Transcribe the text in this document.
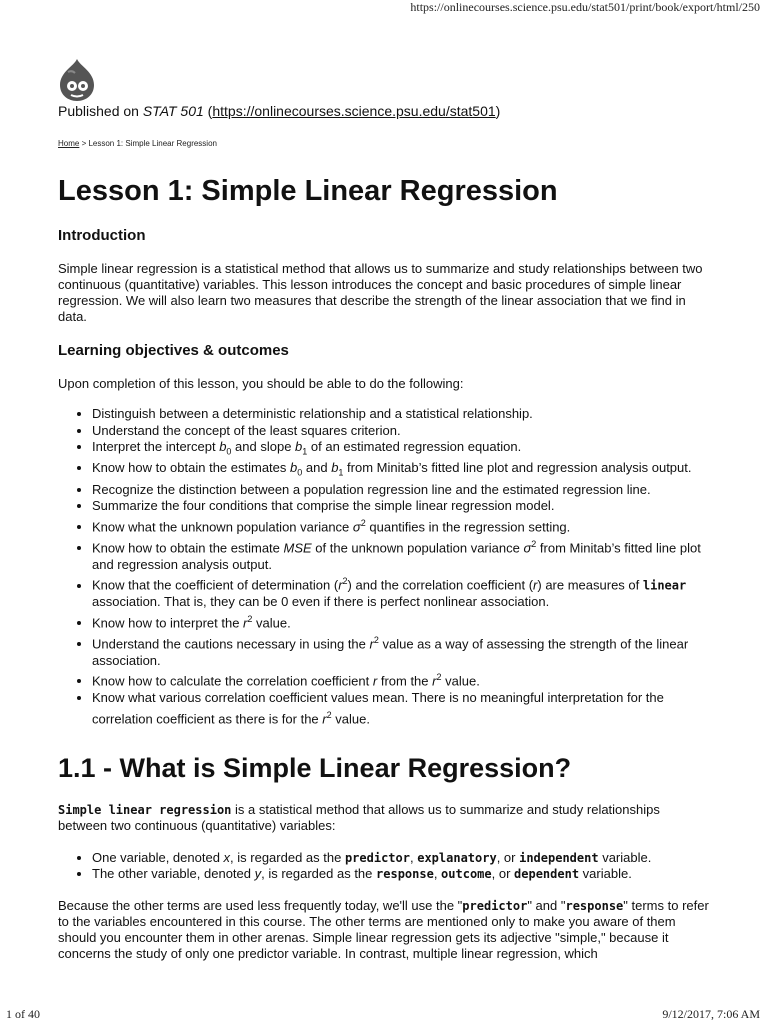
https://onlinecourses.science.psu.edu/stat501/print/book/export/html/250

Published on STAT 501 (https://onlinecourses.science.psu.edu/stat501)

Home > Lesson 1: Simple Linear Regression

Lesson 1: Simple Linear Regression
Introduction

Simple linear regression is a statistical method that allows us to summarize and study relationships between two continuous (quantitative) variables. This lesson introduces the concept and basic procedures of simple linear regression. We will also learn two measures that describe the strength of the linear association that we find in data.

Learning objectives & outcomes

Upon completion of this lesson, you should be able to do the following:

• Distinguish between a deterministic relationship and a statistical relationship.
• Understand the concept of the least squares criterion.
• Interpret the intercept $b_0$ and slope $b_1$ of an estimated regression equation.
• Know how to obtain the estimates $b_0$ and $b_1$ from Minitab’s fitted line plot and regression analysis output.
• Recognize the distinction between a population regression line and the estimated regression line.
• Summarize the four conditions that comprise the simple linear regression model.
• Know what the unknown population variance $\sigma^2$ quantifies in the regression setting.
• Know how to obtain the estimate MSE of the unknown population variance $\sigma^2$ from Minitab’s fitted line plot and regression analysis output.
• Know that the coefficient of determination $(r^2)$ and the correlation coefficient (r) are measures of linear association. That is, they can be 0 even if there is perfect nonlinear association.
• Know how to interpret the $r^2$ value.
• Understand the cautions necessary in using the $r^2$ value as a way of assessing the strength of the linear association.
• Know how to calculate the correlation coefficient r from the $r^2$ value.
• Know what various correlation coefficient values mean. There is no meaningful interpretation for the correlation coefficient as there is for the $r^2$ value.
1.1 - What is Simple Linear Regression?

Simple linear regression is a statistical method that allows us to summarize and study relationships between two continuous (quantitative) variables:

• One variable, denoted x, is regarded as the predictor, explanatory, or independent variable.
• The other variable, denoted y, is regarded as the response, outcome, or dependent variable.

Because the other terms are used less frequently today, we'll use the "predictor" and "response" terms to refer to the variables encountered in this course. The other terms are mentioned only to make you aware of them should you encounter them in other arenas. Simple linear regression gets its adjective "simple," because it concerns the study of only one predictor variable. In contrast, multiple linear regression, which

1 of 40	9/12/2017, 7:06 AM
